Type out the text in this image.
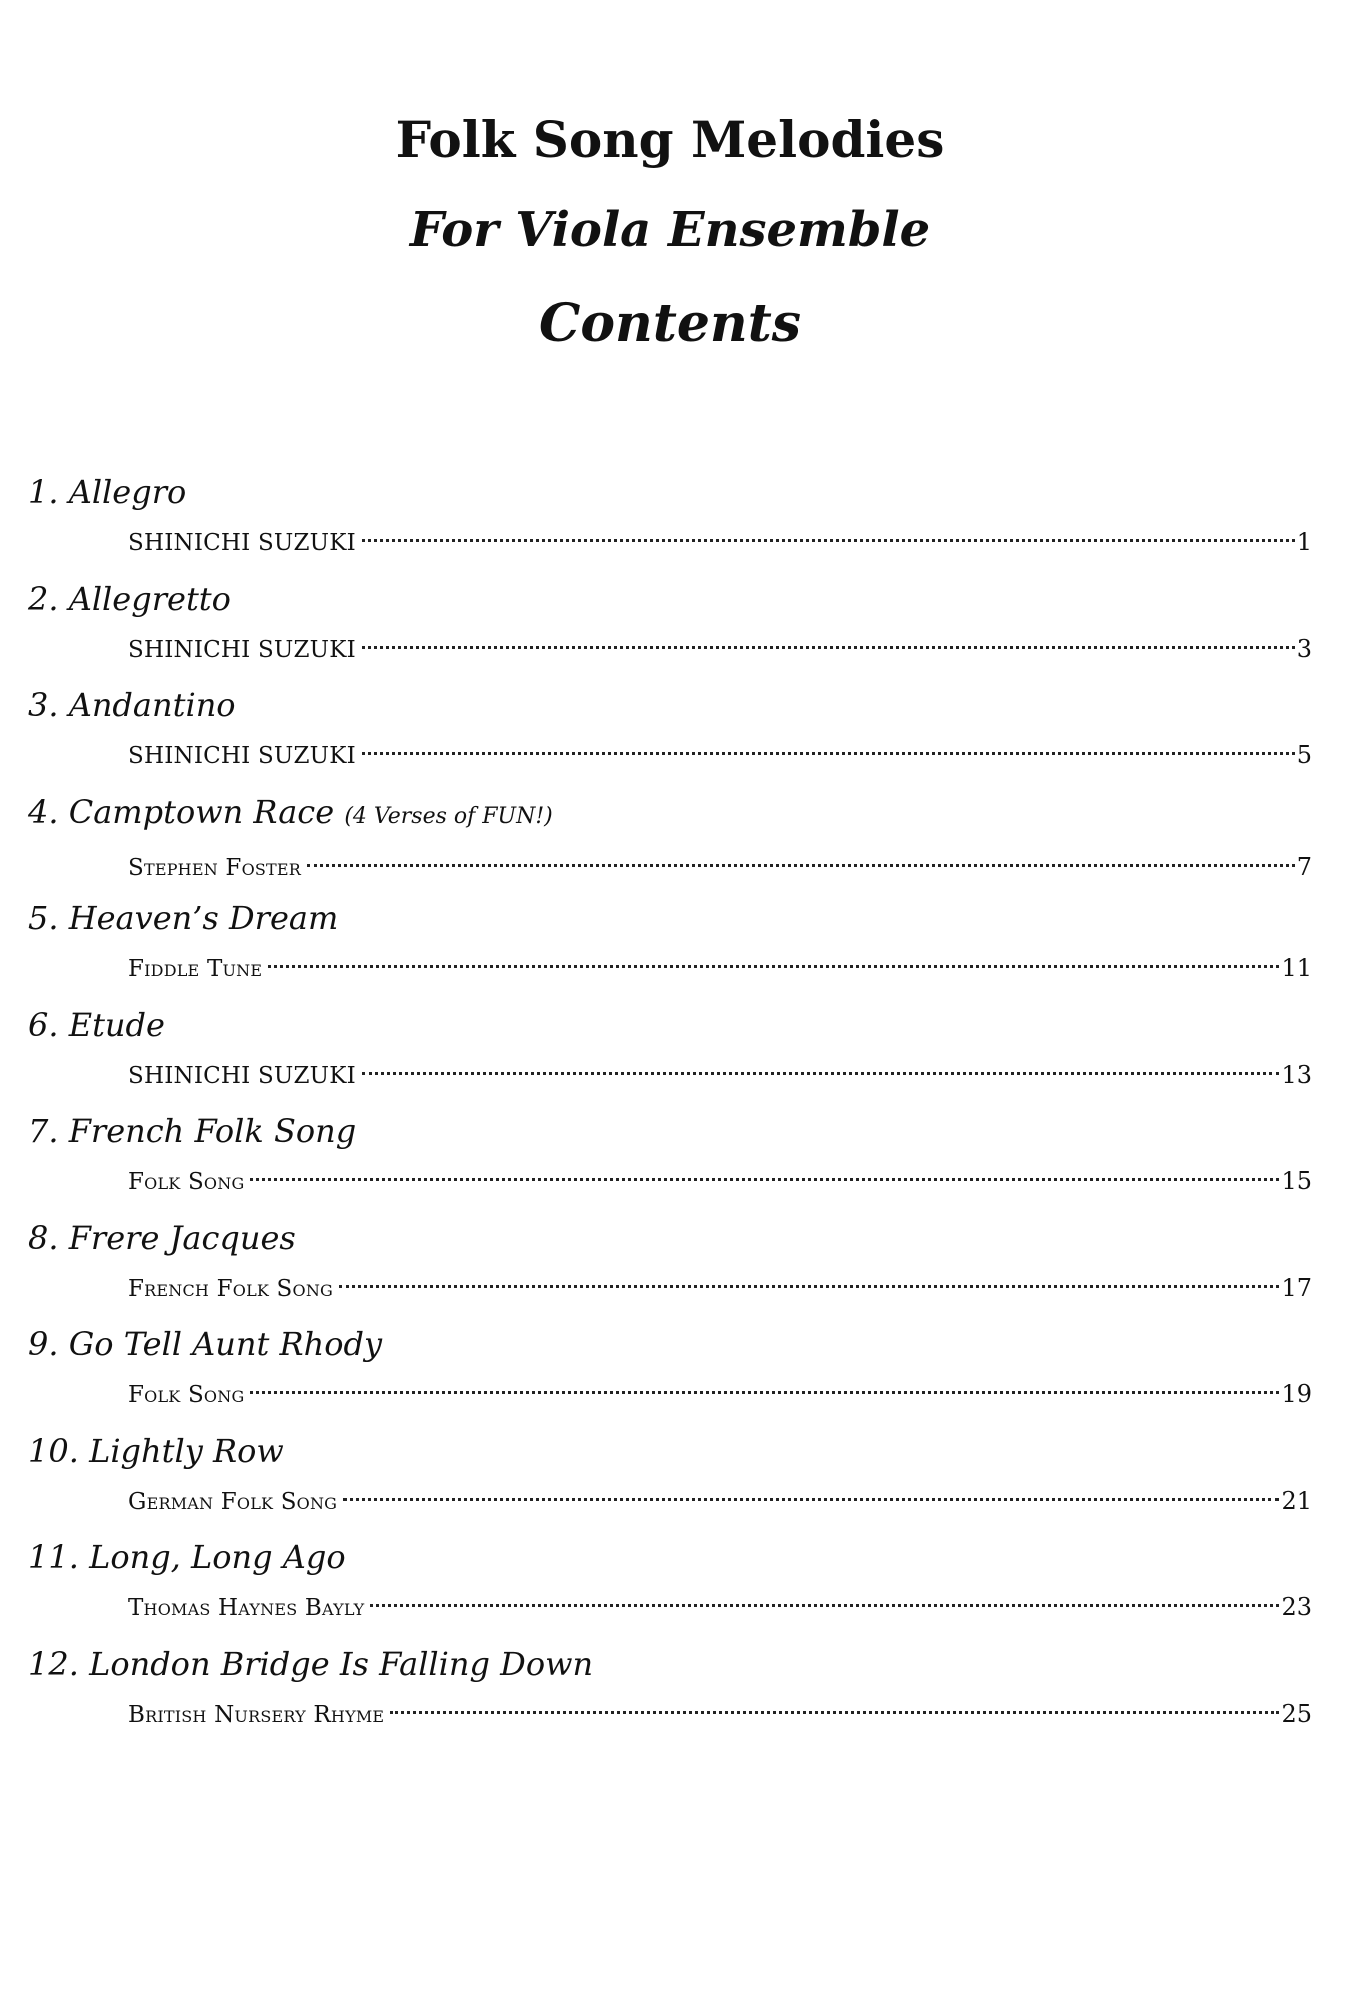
Folk Song Melodies
For Viola Ensemble
Contents
1. Allegro
SHINICHI SUZUKI	1
2. Allegretto
SHINICHI SUZUKI	3
3. Andantino
SHINICHI SUZUKI	5
4. Camptown Race (4 Verses of FUN!)
Stephen Foster	7
5. Heaven’s Dream
Fiddle Tune	11
6. Etude
SHINICHI SUZUKI	13
7. French Folk Song
Folk Song	15
8. Frere Jacques
French Folk Song	17
9. Go Tell Aunt Rhody
Folk Song	19
10. Lightly Row
German Folk Song	21
11. Long, Long Ago
Thomas Haynes Bayly	23
12. London Bridge Is Falling Down
British Nursery Rhyme	25
